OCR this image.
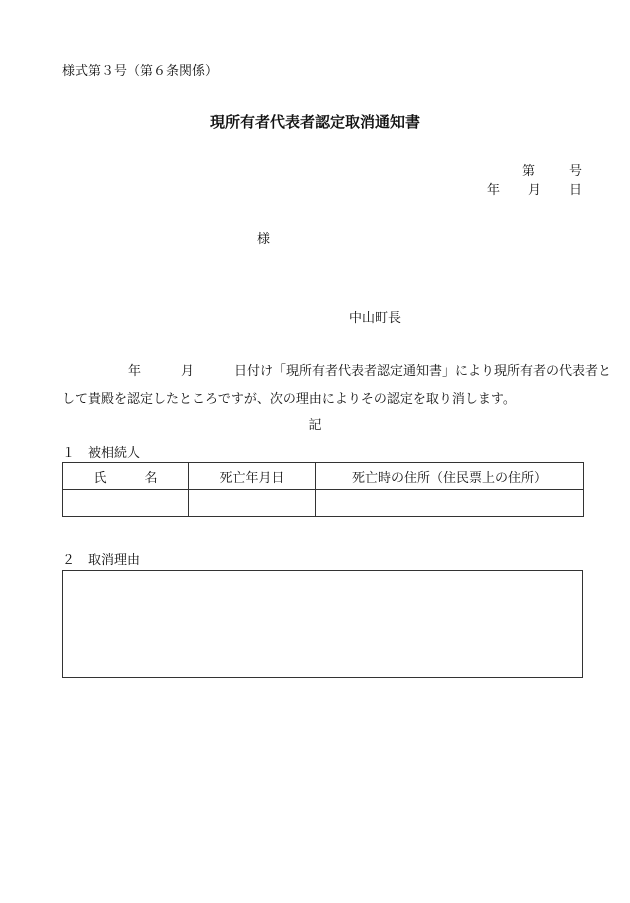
様式第３号（第６条関係）
現所有者代表者認定取消通知書
第	号
年 月 日
様
中山町長
年	月	日付け「現所有者代表者認定通知書」により現所有者の代表者と
して貴殿を認定したところですが、次の理由によりその認定を取り消します。
記
１ 被相続人
氏 名	死亡年月日	死亡時の住所（住民票上の住所）

２ 取消理由
